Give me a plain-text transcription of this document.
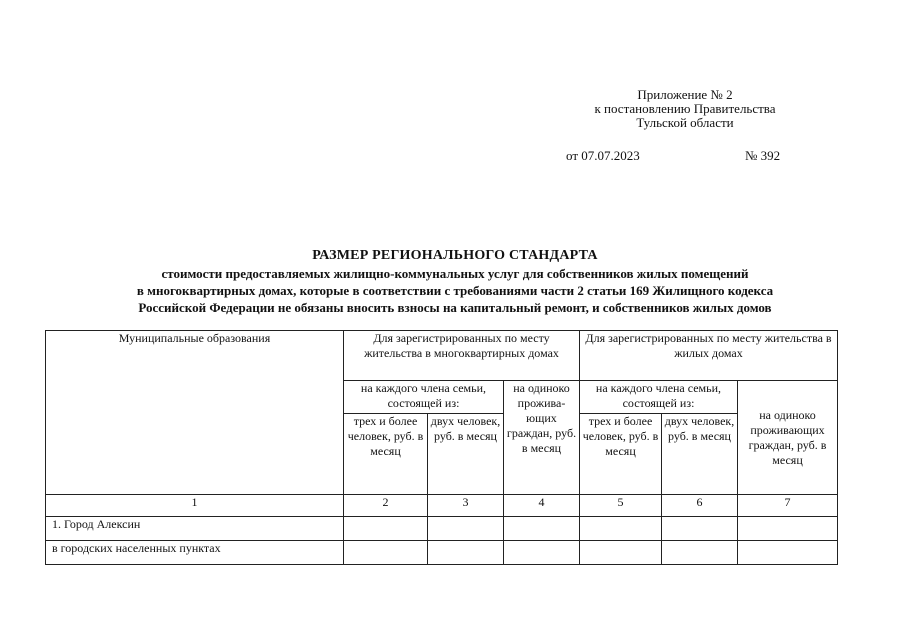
Приложение № 2
к постановлению Правительства
Тульской области
от 07.07.2023	№ 392
РАЗМЕР РЕГИОНАЛЬНОГО СТАНДАРТА
стоимости предоставляемых жилищно-коммунальных услуг для собственников жилых помещений
в многоквартирных домах, которые в соответствии с требованиями части 2 статьи 169 Жилищного кодекса
Российской Федерации не обязаны вносить взносы на капитальный ремонт, и собственников жилых домов
Муниципальные образования	Для зарегистрированных по месту жительства в многоквартирных домах			Для зарегистрированных по месту жительства в жилых домах		
	на каждого члена семьи, состоящей из:		на одиноко прожива-ющих граждан, руб. в месяц	на каждого члена семьи, состоящей из:		на одиноко проживающих граждан, руб. в месяц
	трех и более человек, руб. в месяц	двух человек, руб. в месяц		трех и более человек, руб. в месяц	двух человек, руб. в месяц	
1	2	3	4	5	6	7
1. Город Алексин						
в городских населенных пунктах						
